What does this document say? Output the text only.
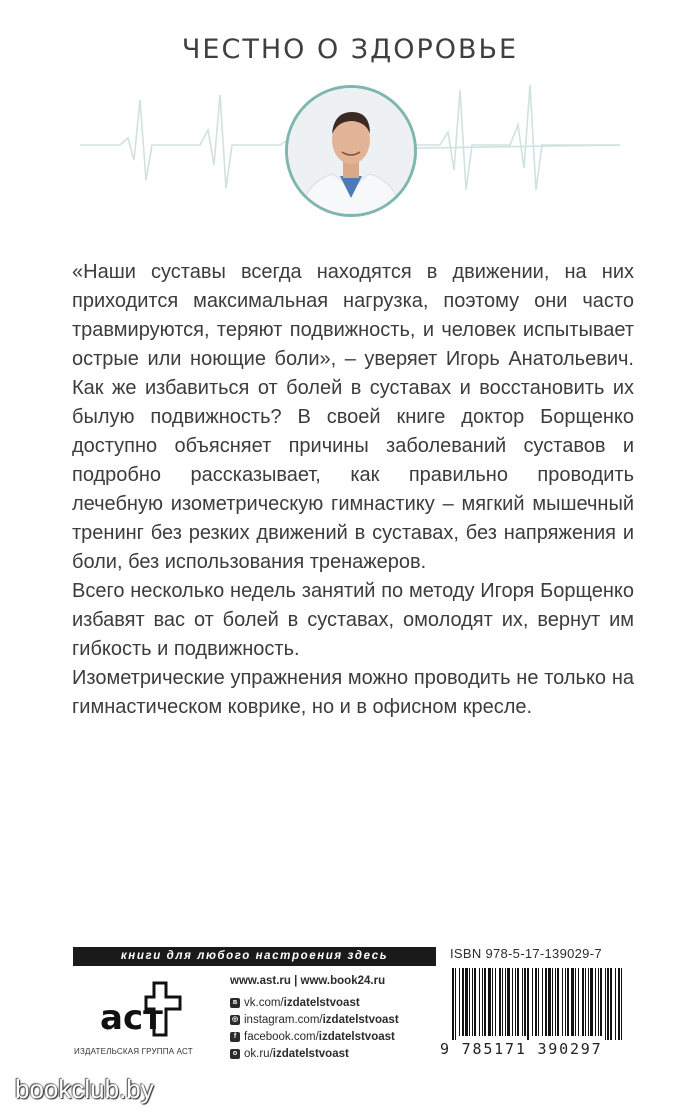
ЧЕСТНО О ЗДОРОВЬЕ

«Наши суставы всегда находятся в движении, на них приходится максимальная нагрузка, поэтому они часто травмируются, теряют подвижность, и человек испытывает острые или ноющие боли», – уверяет Игорь Анатольевич. Как же избавиться от болей в суставах и восстановить их былую подвижность? В своей книге доктор Борщенко доступно объясняет причины заболеваний суставов и подробно рассказывает, как правильно проводить лечебную изометрическую гимнастику – мягкий мышечный тренинг без резких движений в суставах, без напряжения и боли, без использования тренажеров.

Всего несколько недель занятий по методу Игоря Борщенко избавят вас от болей в суставах, омолодят их, вернут им гибкость и подвижность.

Изометрические упражнения можно проводить не только на гимнастическом коврике, но и в офисном кресле.

книги для любого настроения здесь	ISBN 978-5-17-139029-7
aст
ИЗДАТЕЛЬСКАЯ ГРУППА АСТ
www.ast.ru | www.book24.ru
в vk.com/ izdatelstvoast
◎ instagram.com/ izdatelstvoast
f facebook.com/ izdatelstvoast
о ok.ru/ izdatelstvoast	9 785171 390297
bookclub.by
